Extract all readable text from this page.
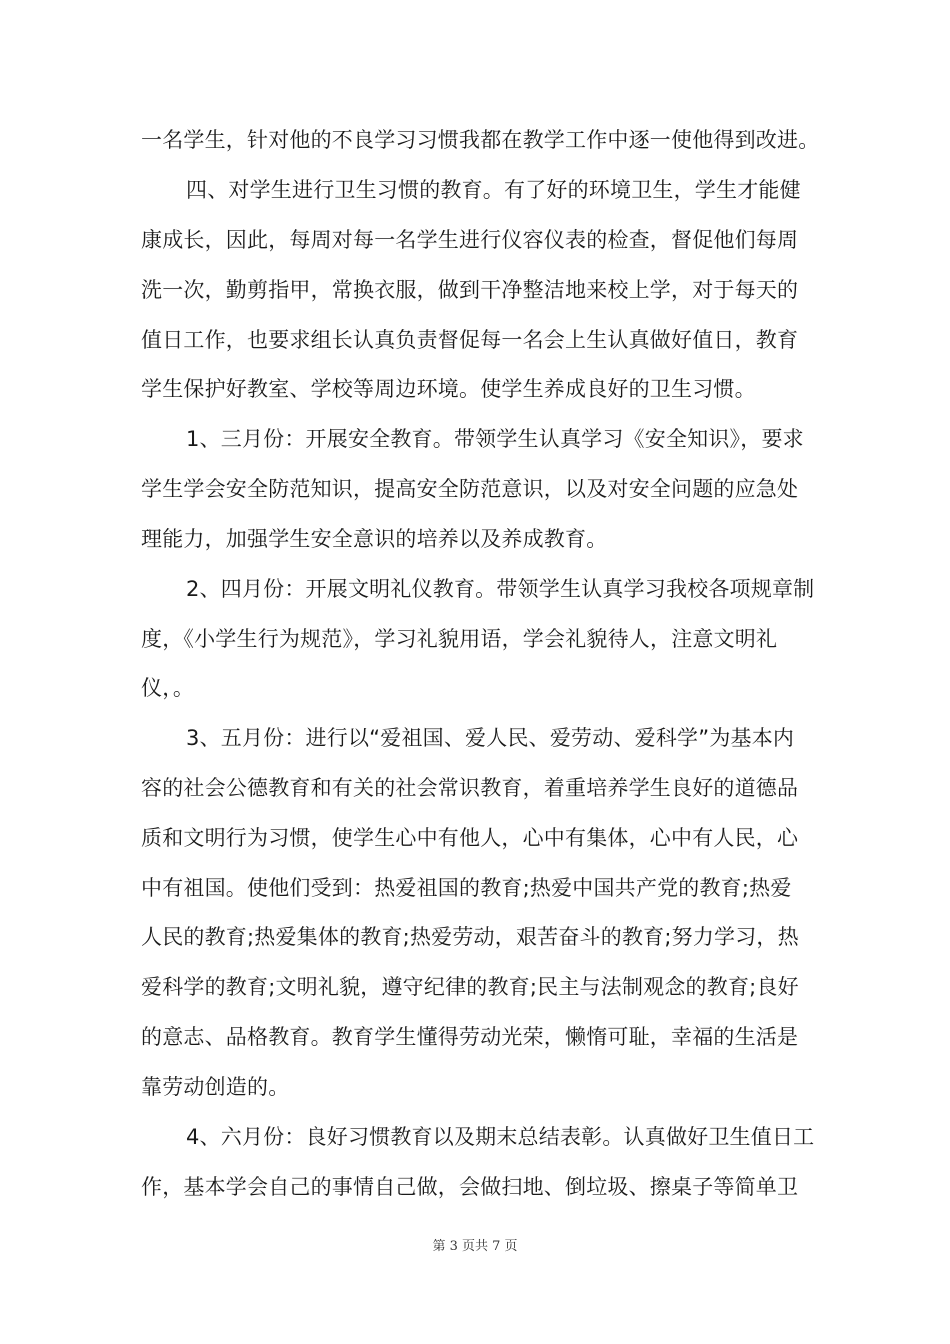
一名学生，针对他的不良学习习惯我都在教学工作中逐一使他得到改进。
四、对学生进行卫生习惯的教育。有了好的环境卫生，学生才能健
康成长，因此，每周对每一名学生进行仪容仪表的检查，督促他们每周
洗一次，勤剪指甲，常换衣服，做到干净整洁地来校上学，对于每天的
值日工作，也要求组长认真负责督促每一名会上生认真做好值日，教育
学生保护好教室、学校等周边环境。使学生养成良好的卫生习惯。
1、三月份：开展安全教育。带领学生认真学习《安全知识》，要求
学生学会安全防范知识，提高安全防范意识，以及对安全问题的应急处
理能力，加强学生安全意识的培养以及养成教育。
2、四月份：开展文明礼仪教育。带领学生认真学习我校各项规章制
度，《小学生行为规范》，学习礼貌用语，学会礼貌待人，注意文明礼
仪，。
3、五月份：进行以“爱祖国、爱人民、爱劳动、爱科学”为基本内
容的社会公德教育和有关的社会常识教育，着重培养学生良好的道德品
质和文明行为习惯，使学生心中有他人，心中有集体，心中有人民，心
中有祖国。使他们受到：热爱祖国的教育;热爱中国共产党的教育;热爱
人民的教育;热爱集体的教育;热爱劳动，艰苦奋斗的教育;努力学习，热
爱科学的教育;文明礼貌，遵守纪律的教育;民主与法制观念的教育;良好
的意志、品格教育。教育学生懂得劳动光荣，懒惰可耻，幸福的生活是
靠劳动创造的。
4、六月份：良好习惯教育以及期末总结表彰。认真做好卫生值日工
作，基本学会自己的事情自己做，会做扫地、倒垃圾、擦桌子等简单卫
第 3 页共 7 页
